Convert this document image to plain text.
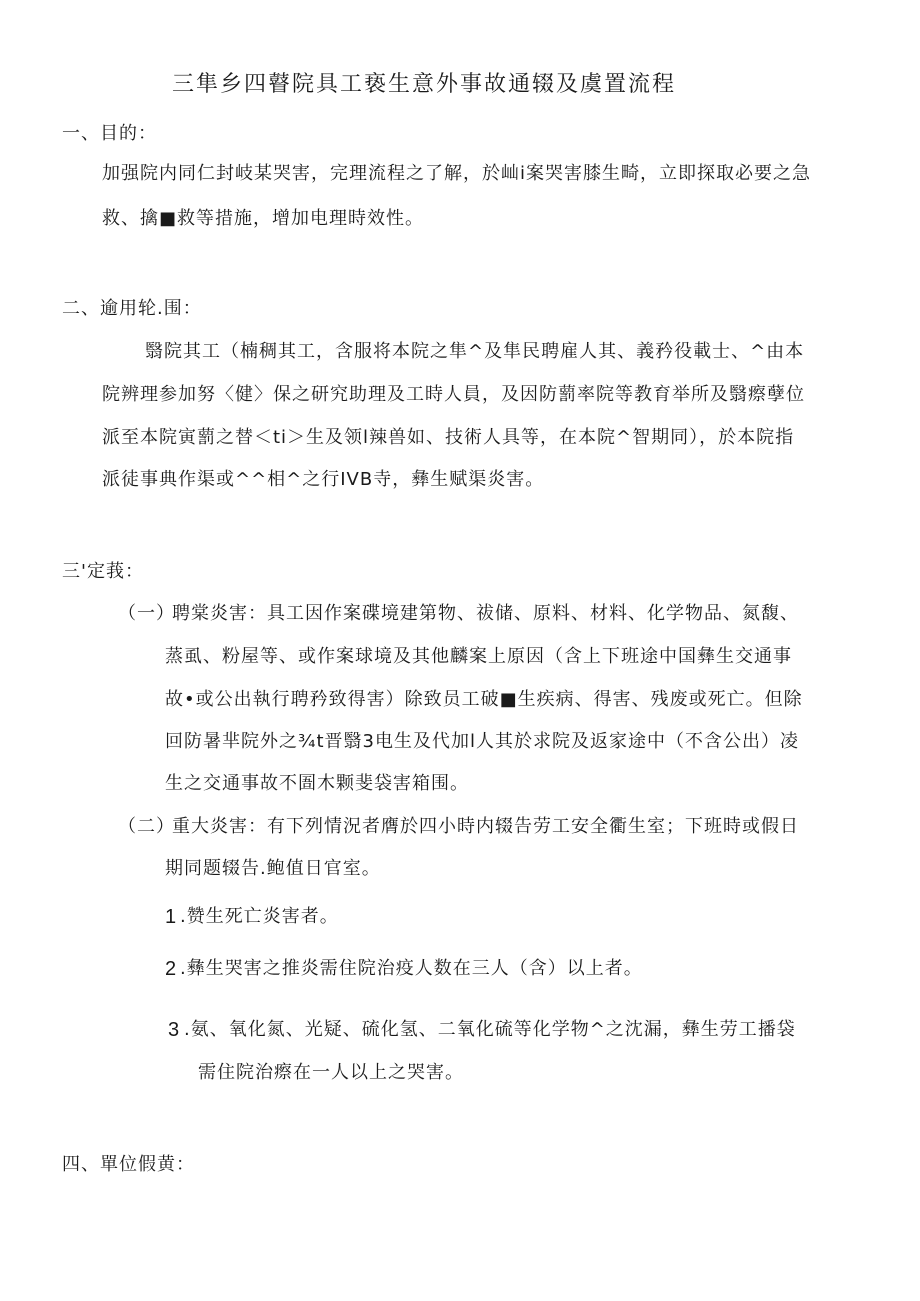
三隼乡四瞽院具工亵生意外事故通辍及虞置流程
一、目的：
加强院内同仁封岐某哭害，完理流程之了解，於屾i案哭害膝生畸，立即探取必要之急
救、擒■救等措施，增加电理時效性。
二、逾用轮.围：
翳院其工（楠稠其工，含服将本院之隼^及隼民聘雇人其、義矜役載士、^由本
院辨理参加努〈健〉保之研究助理及工時人員，及因防藅率院等教育举所及翳瘵孽位
派至本院寅藅之替＜ti＞生及领l辣兽如、技術人具等，在本院^智期同），於本院指
派徒事典作渠或^^相^之行IVB寺，彝生赋渠炎害。
三'定莪：
（一）
聘棠炎害：具工因作案碟境建第物、祓储、原料、材料、化学物品、氮馥、
蒸虱、粉屋等、或作案球境及其他麟案上原因（含上下班途中国彝生交通事
故•或公出執行聘矜致得害）除致员工破■生疾病、得害、残废或死亡。但除
回防暑芈院外之¾t晋翳3电生及代加l人其於求院及返家途中（不含公出）凌
生之交通事故不圄木颗斐袋害箱围。
（二）
重大炎害：有下列情況者膺於四小時内辍告劳工安全衢生室；下班時或假日
期同题辍告.鲍值日官室。
1 .赞生死亡炎害者。
2 .彝生哭害之推炎需住院治疫人数在三人（含）以上者。
3 .氨、氧化氮、光疑、硫化氢、二氧化硫等化学物^之沈漏，彝生劳工播袋
需住院治瘵在一人以上之哭害。
四、單位假黄：
